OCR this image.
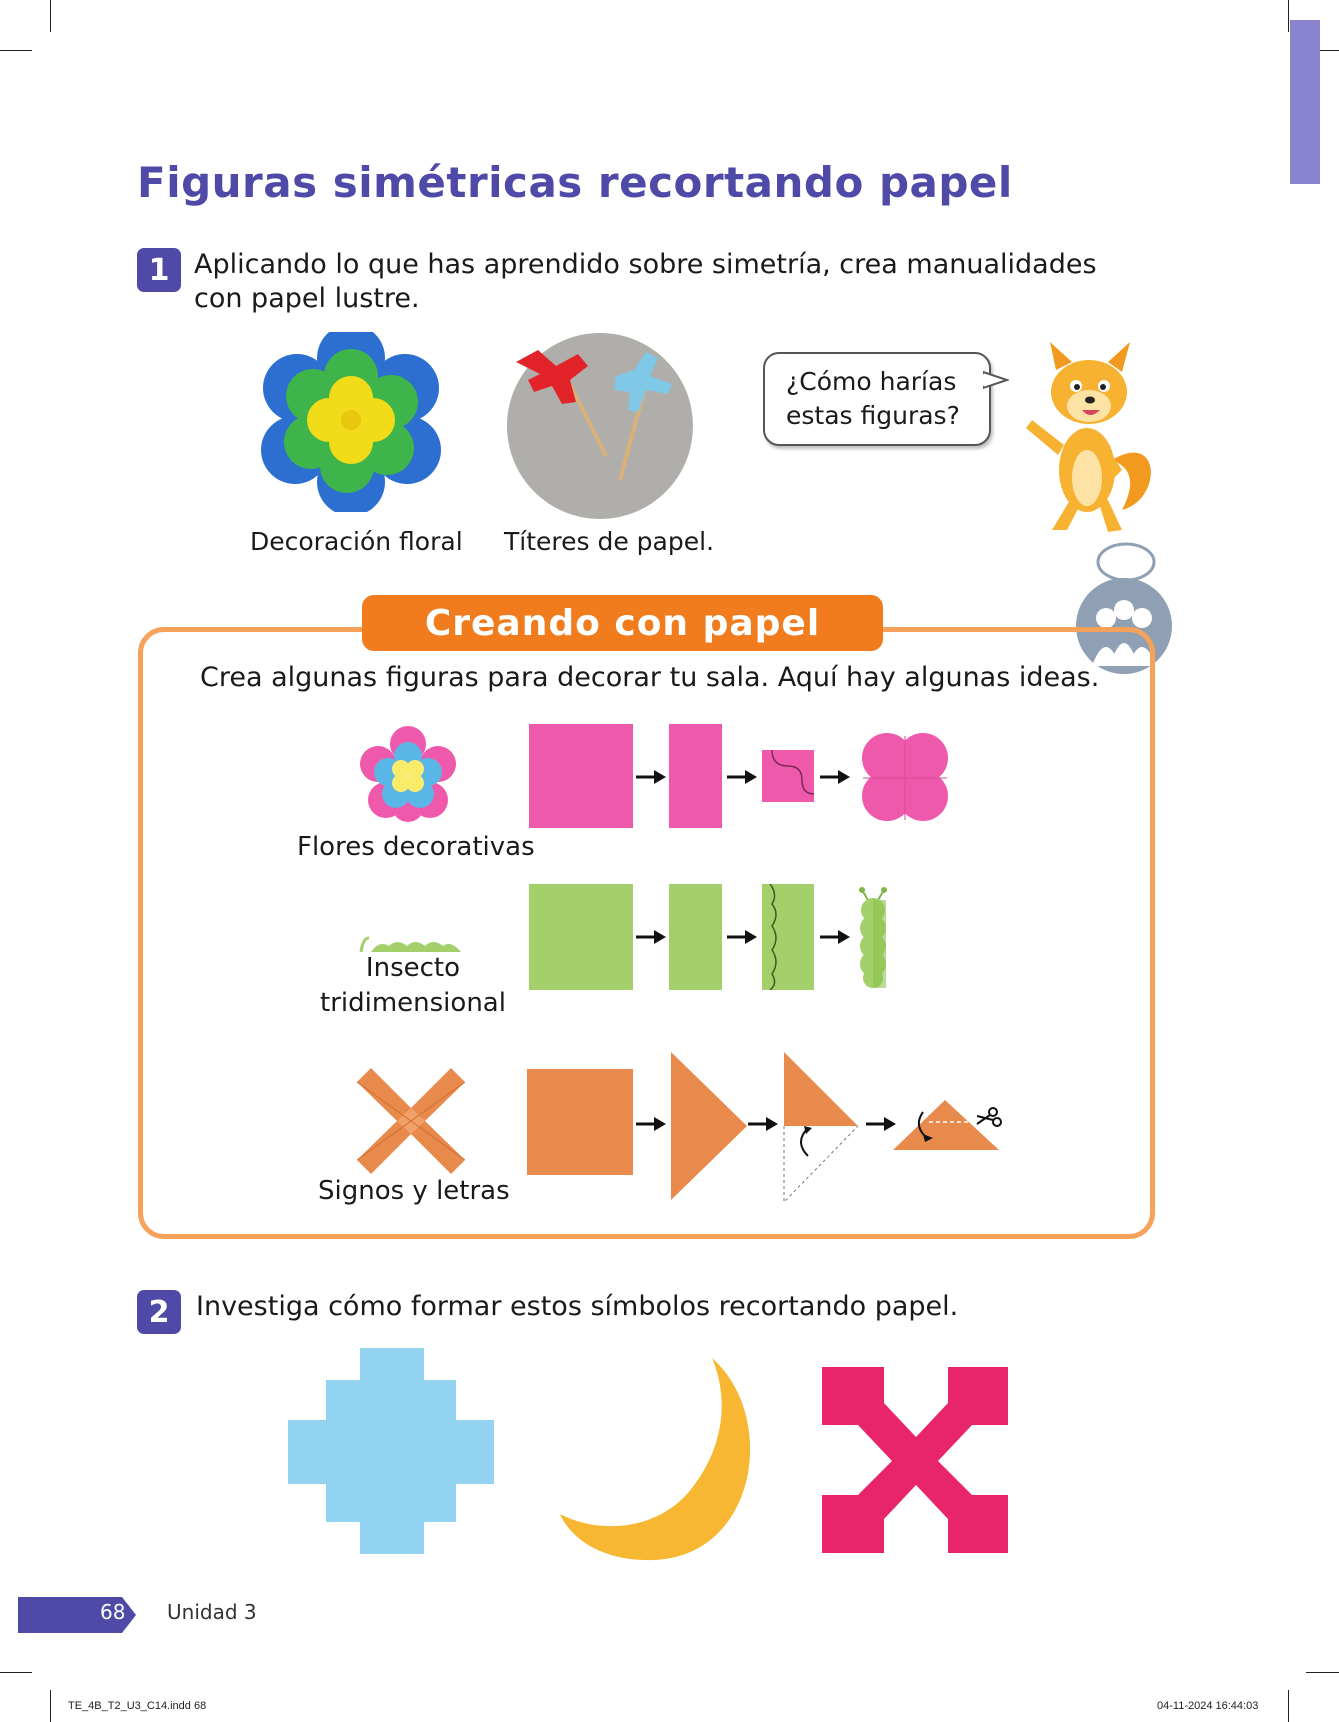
Figuras simétricas recortando papel
1 Aplicando lo que has aprendido sobre simetría, crea manualidades
con papel lustre.
Decoración floral Títeres de papel.
¿Cómo harías
estas figuras?
Creando con papel
Crea algunas figuras para decorar tu sala. Aquí hay algunas ideas.
Flores decorativas
Insecto
tridimensional
Signos y letras
2 Investiga cómo formar estos símbolos recortando papel.
68 Unidad 3
TE_4B_T2_U3_C14.indd 68	04-11-2024 16:44:03
